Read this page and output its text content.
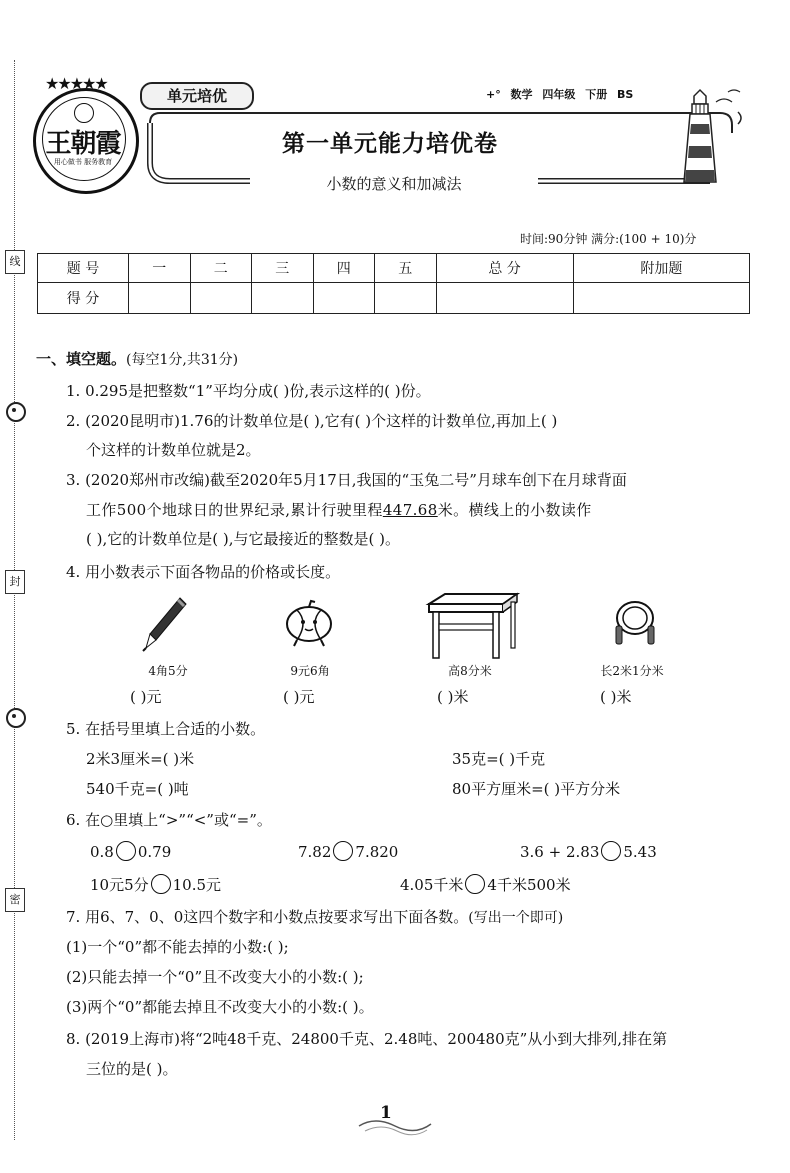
线
封
密
王朝霞
用心做书 服务教育
★★★★★
单元培优	+° 数学 四年级 下册 BS
第一单元能力培优卷
小数的意义和加减法
时间:90分钟 满分:(100 + 10)分
题 号	一	二	三	四	五	总 分	附加题
得 分							
一、填空题。(每空1分,共31分)
1. 0.295是把整数“1”平均分成( )份,表示这样的( )份。
2. (2020昆明市)1.76的计数单位是( ),它有( )个这样的计数单位,再加上( )
个这样的计数单位就是2。
3. (2020郑州市改编)截至2020年5月17日,我国的“玉兔二号”月球车创下在月球背面
工作500个地球日的世界纪录,累计行驶里程447.68米。横线上的小数读作
( ),它的计数单位是( ),与它最接近的整数是( )。
4. 用小数表示下面各物品的价格或长度。
4角5分	9元6角	高8分米	长2米1分米
( )元	( )元	( )米	( )米
5. 在括号里填上合适的小数。
2米3厘米=( )米	35克=( )千克
540千克=( )吨	80平方厘米=( )平方分米
6. 在○里填上“>”“<”或“=”。
0.8 0.79	7.82 7.820	3.6 + 2.83 5.43
10元5分 10.5元	4.05千米 4千米500米
7. 用6、7、0、0这四个数字和小数点按要求写出下面各数。(写出一个即可)
(1)一个“0”都不能去掉的小数:( );
(2)只能去掉一个“0”且不改变大小的小数:( );
(3)两个“0”都能去掉且不改变大小的小数:( )。
8. (2019上海市)将“2吨48千克、24800千克、2.48吨、200480克”从小到大排列,排在第
三位的是( )。
1
